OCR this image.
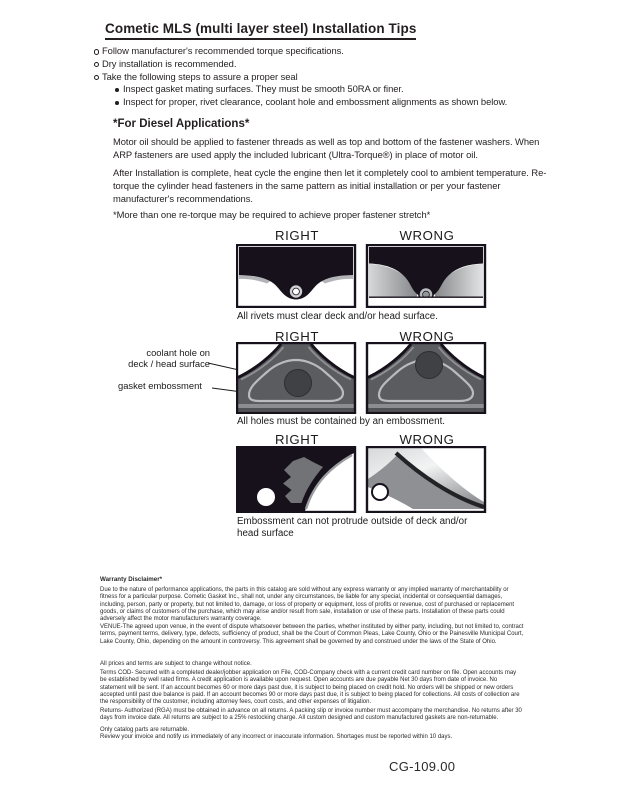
Cometic MLS (multi layer steel) Installation Tips
Follow manufacturer's recommended torque specifications.
Dry installation is recommended.
Take the following steps to assure a proper seal
Inspect gasket mating surfaces. They must be smooth 50RA or finer.
Inspect for proper, rivet clearance, coolant hole and embossment alignments as shown below.
*For Diesel Applications*
Motor oil should be applied to fastener threads as well as top and bottom of the fastener washers. When ARP fasteners are used apply the included lubricant (Ultra-Torque®) in place of motor oil.
After Installation is complete, heat cycle the engine then let it completely cool to ambient temperature. Re-torque the cylinder head fasteners in the same pattern as initial installation or per your fastener manufacturer's recommendations.
*More than one re-torque may be required to achieve proper fastener stretch*
RIGHT	WRONG
All rivets must clear deck and/or head surface.
RIGHT	WRONG
coolant hole on
deck / head surface
gasket embossment
All holes must be contained by an embossment.
RIGHT	WRONG
Embossment can not protrude outside of deck and/or head surface
Warranty Disclaimer*
Due to the nature of performance applications, the parts in this catalog are sold without any express warranty or any implied warranty of merchantability or fitness for a particular purpose. Cometic Gasket Inc., shall not, under any circumstances, be liable for any special, incidental or consequential damages, including, person, party or property, but not limited to, damage, or loss of property or equipment, loss of profits or revenue, cost of purchased or replacement goods, or claims of customers of the purchase, which may arise and/or result from sale, installation or use of these parts. Installation of these parts could adversely affect the motor manufacturers warranty coverage.
VENUE-The agreed upon venue, in the event of dispute whatsoever between the parties, whether instituted by either party, including, but not limited to, contract terms, payment terms, delivery, type, defects, sufficiency of product, shall be the Court of Common Pleas, Lake County, Ohio or the Painesville Municipal Court, Lake County, Ohio, depending on the amount in controversy. This agreement shall be governed by and construed under the laws of the State of Ohio.
All prices and terms are subject to change without notice.
Terms COD- Secured with a completed dealer/jobber application on File, COD-Company check with a current credit card number on file. Open accounts may be established by well rated firms. A credit application is available upon request. Open accounts are due payable Net 30 days from date of invoice. No statement will be sent. If an account becomes 60 or more days past due, it is subject to being placed on credit hold. No orders will be shipped or new orders accepted until past due balance is paid. If an account becomes 90 or more days past due, it is subject to being placed for collections. All costs of collection are the responsibility of the customer, including attorney fees, court costs, and other expenses of litigation.
Returns- Authorized (RGA) must be obtained in advance on all returns. A packing slip or invoice number must accompany the merchandise. No returns after 30 days from invoice date. All returns are subject to a 25% restocking charge. All custom designed and custom manufactured gaskets are non-returnable.
Only catalog parts are returnable.
Review your invoice and notify us immediately of any incorrect or inaccurate information. Shortages must be reported within 10 days.
CG-109.00
